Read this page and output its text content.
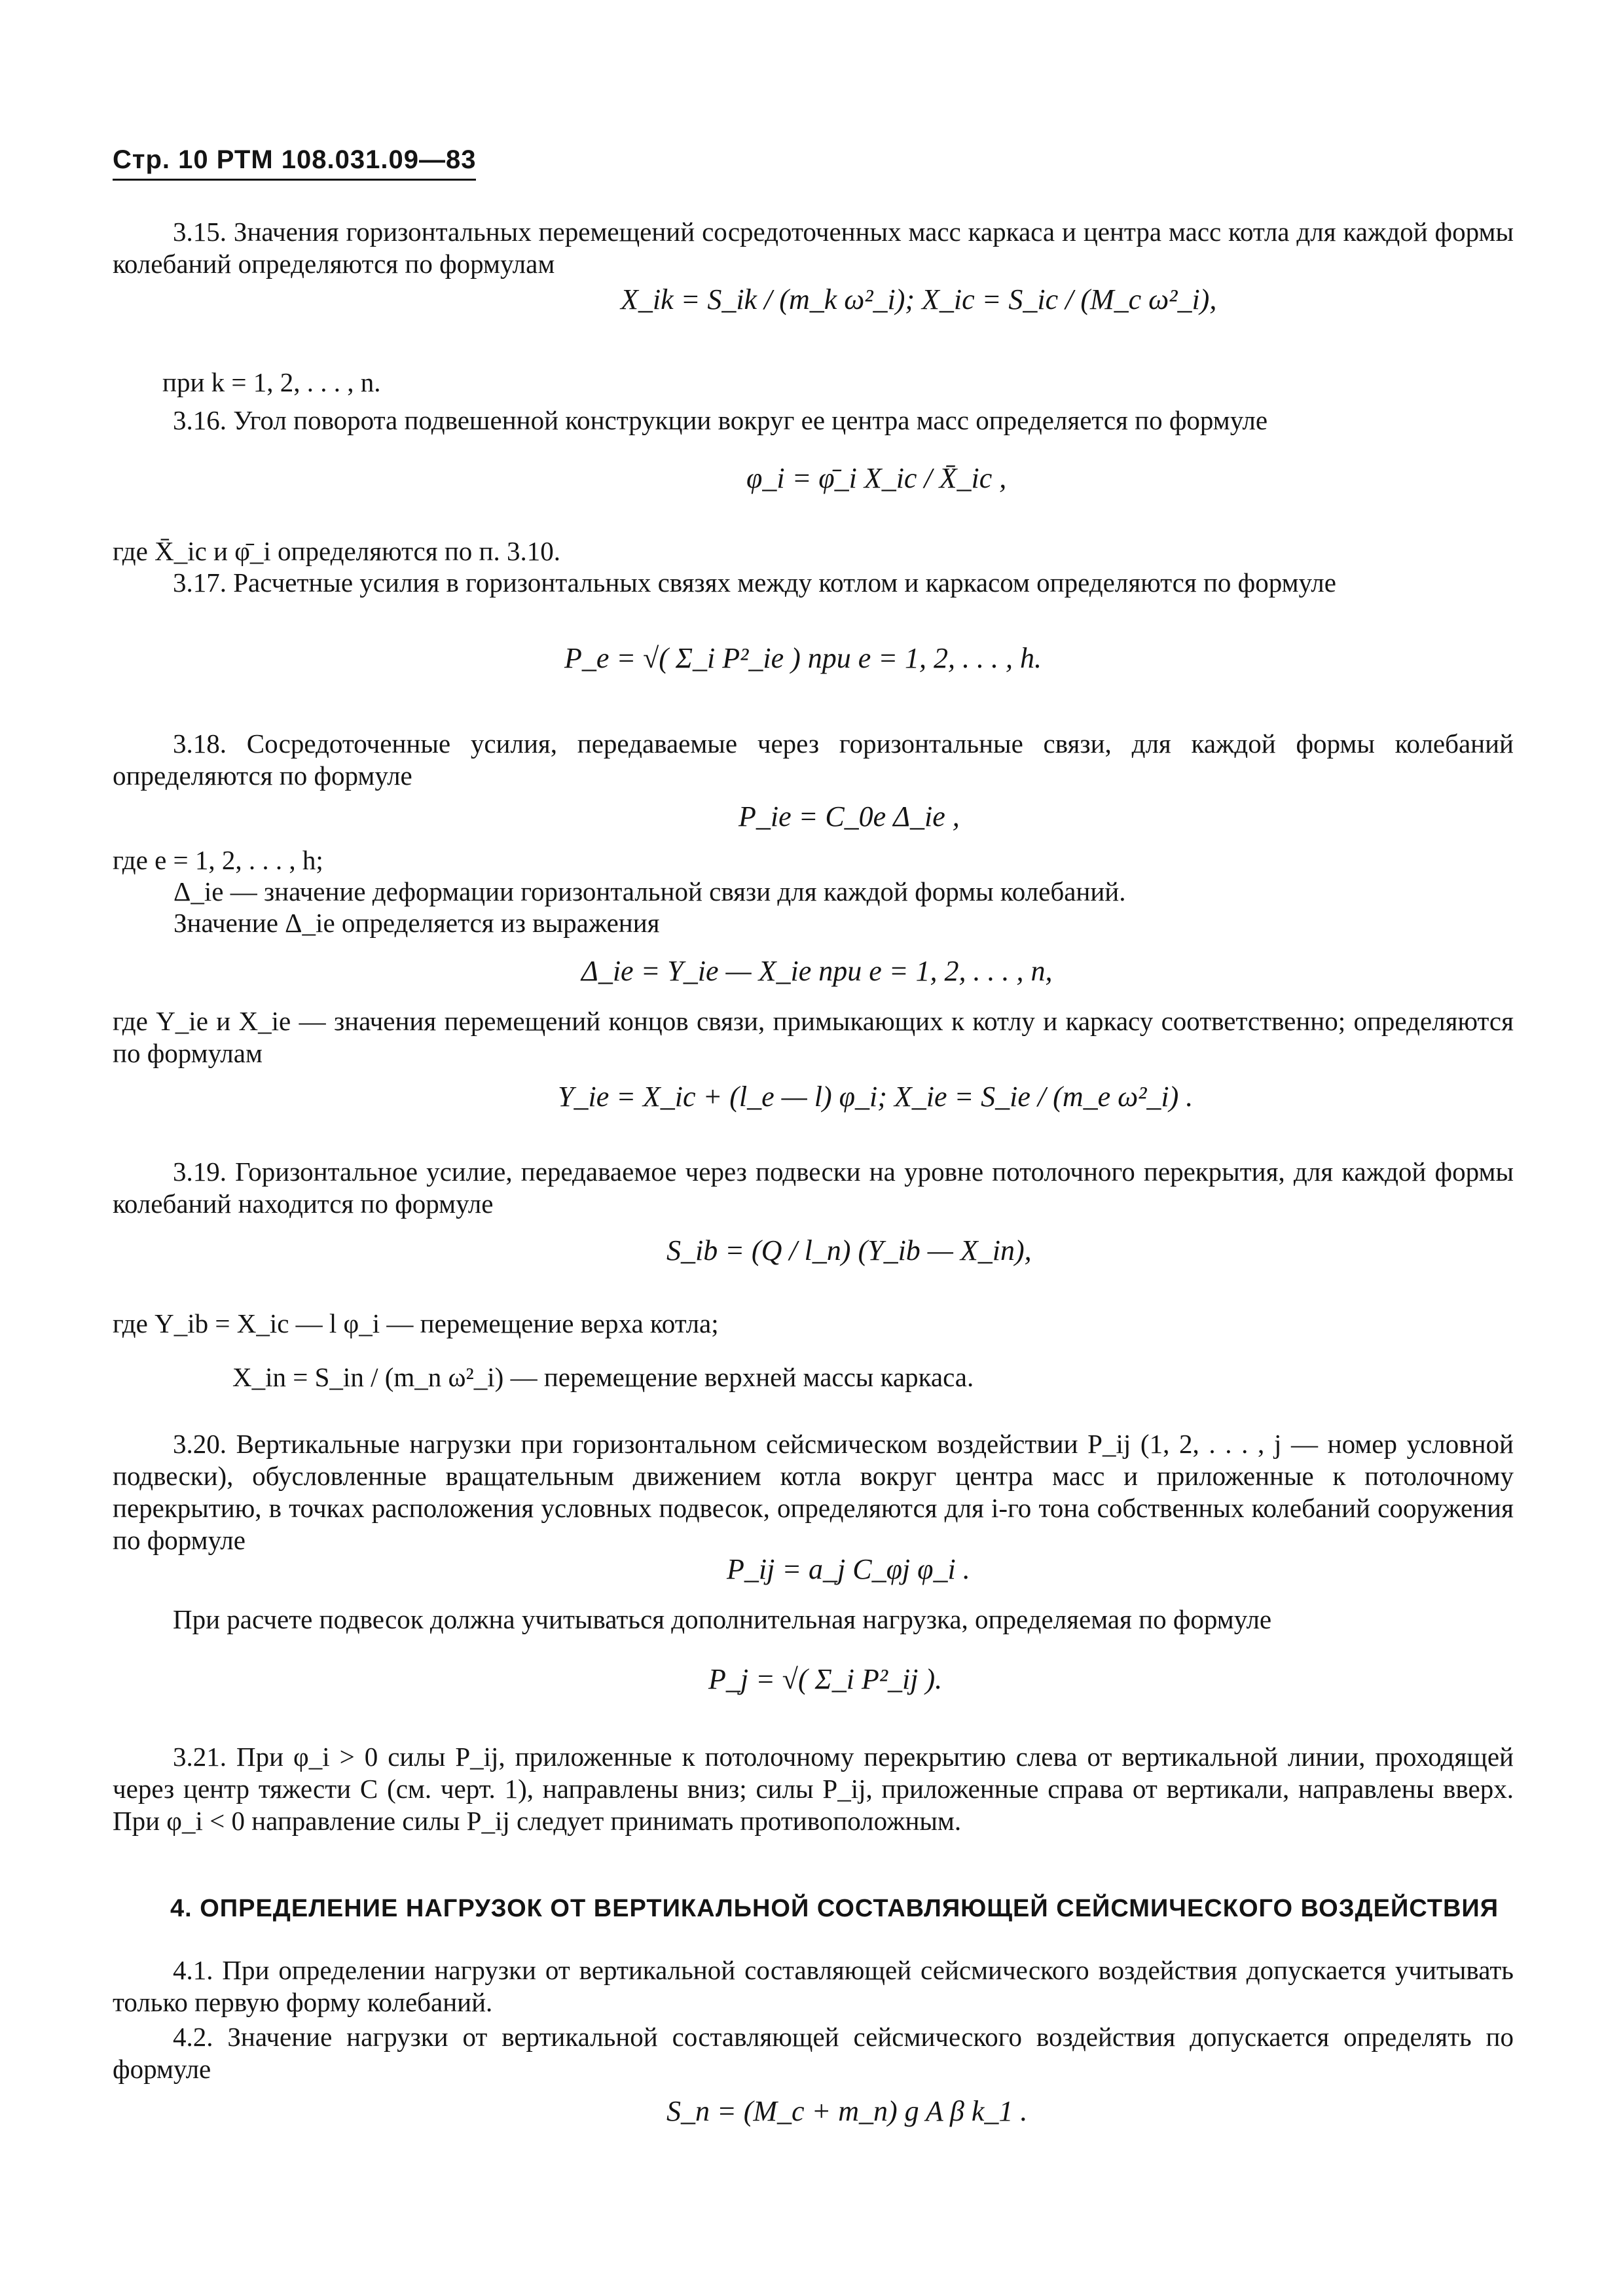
Стр. 10 РТМ 108.031.09—83

3.15. Значения горизонтальных перемещений сосредоточенных масс каркаса и центра масс котла для каждой формы колебаний определяются по формулам

X_ik = S_ik / (m_k ω²_i); X_ic = S_ic / (M_c ω²_i),

при k = 1, 2, . . . , n.

3.16. Угол поворота подвешенной конструкции вокруг ее центра масс определяется по формуле

φ_i = φ̄_i X_ic / X̄_ic ,

где X̄_ic и φ̄_i определяются по п. 3.10.

3.17. Расчетные усилия в горизонтальных связях между котлом и каркасом определяются по формуле

P_e = √( Σ_i P²_ie ) при e = 1, 2, . . . , h.

3.18. Сосредоточенные усилия, передаваемые через горизонтальные связи, для каждой формы колебаний определяются по формуле

P_ie = C_0e Δ_ie ,

где e = 1, 2, . . . , h;

Δ_ie — значение деформации горизонтальной связи для каждой формы колебаний.

Значение Δ_ie определяется из выражения

Δ_ie = Y_ie — X_ie при e = 1, 2, . . . , n,

где Y_ie и X_ie — значения перемещений концов связи, примыкающих к котлу и каркасу соответственно; определяются по формулам

Y_ie = X_ic + (l_e — l) φ_i; X_ie = S_ie / (m_e ω²_i) .

3.19. Горизонтальное усилие, передаваемое через подвески на уровне потолочного перекрытия, для каждой формы колебаний находится по формуле

S_ib = (Q / l_n) (Y_ib — X_in),

где Y_ib = X_ic — l φ_i — перемещение верха котла;

X_in = S_in / (m_n ω²_i) — перемещение верхней массы каркаса.

3.20. Вертикальные нагрузки при горизонтальном сейсмическом воздействии P_ij (1, 2, . . . , j — номер условной подвески), обусловленные вращательным движением котла вокруг центра масс и приложенные к потолочному перекрытию, в точках расположения условных подвесок, определяются для i-го тона собственных колебаний сооружения по формуле

P_ij = a_j C_φj φ_i .

При расчете подвесок должна учитываться дополнительная нагрузка, определяемая по формуле

P_j = √( Σ_i P²_ij ).

3.21. При φ_i > 0 силы P_ij, приложенные к потолочному перекрытию слева от вертикальной линии, проходящей через центр тяжести C (см. черт. 1), направлены вниз; силы P_ij, приложенные справа от вертикали, направлены вверх. При φ_i < 0 направление силы P_ij следует принимать противоположным.

4. ОПРЕДЕЛЕНИЕ НАГРУЗОК ОТ ВЕРТИКАЛЬНОЙ СОСТАВЛЯЮЩЕЙ СЕЙСМИЧЕСКОГО ВОЗДЕЙСТВИЯ

4.1. При определении нагрузки от вертикальной составляющей сейсмического воздействия допускается учитывать только первую форму колебаний.

4.2. Значение нагрузки от вертикальной составляющей сейсмического воздействия допускается определять по формуле

S_n = (M_c + m_n) g A β k_1 .
